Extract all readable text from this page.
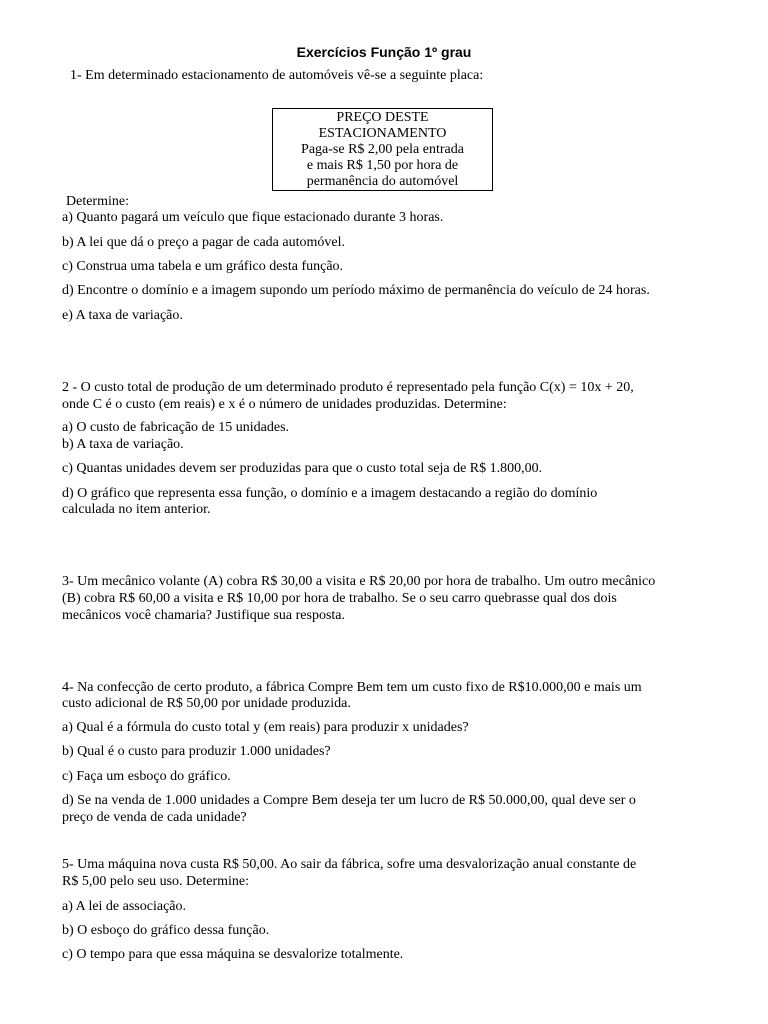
Exercícios Função 1º grau
1- Em determinado estacionamento de automóveis vê-se a seguinte placa:
PREÇO DESTE
ESTACIONAMENTO
Paga-se R$ 2,00 pela entrada
e mais R$ 1,50 por hora de
permanência do automóvel
Determine:
a) Quanto pagará um veículo que fique estacionado durante 3 horas.
b) A lei que dá o preço a pagar de cada automóvel.
c) Construa uma tabela e um gráfico desta função.
d) Encontre o domínio e a imagem supondo um período máximo de permanência do veículo de 24 horas.
e) A taxa de variação.
2 - O custo total de produção de um determinado produto é representado pela função C(x) = 10x + 20,
onde C é o custo (em reais) e x é o número de unidades produzidas. Determine:
a) O custo de fabricação de 15 unidades.
b) A taxa de variação.
c) Quantas unidades devem ser produzidas para que o custo total seja de R$ 1.800,00.
d) O gráfico que representa essa função, o domínio e a imagem destacando a região do domínio
calculada no item anterior.
3- Um mecânico volante (A) cobra R$ 30,00 a visita e R$ 20,00 por hora de trabalho. Um outro mecânico
(B) cobra R$ 60,00 a visita e R$ 10,00 por hora de trabalho. Se o seu carro quebrasse qual dos dois
mecânicos você chamaria? Justifique sua resposta.
4- Na confecção de certo produto, a fábrica Compre Bem tem um custo fixo de R$10.000,00 e mais um
custo adicional de R$ 50,00 por unidade produzida.
a) Qual é a fórmula do custo total y (em reais) para produzir x unidades?
b) Qual é o custo para produzir 1.000 unidades?
c) Faça um esboço do gráfico.
d) Se na venda de 1.000 unidades a Compre Bem deseja ter um lucro de R$ 50.000,00, qual deve ser o
preço de venda de cada unidade?
5- Uma máquina nova custa R$ 50,00. Ao sair da fábrica, sofre uma desvalorização anual constante de
R$ 5,00 pelo seu uso. Determine:
a) A lei de associação.
b) O esboço do gráfico dessa função.
c) O tempo para que essa máquina se desvalorize totalmente.
